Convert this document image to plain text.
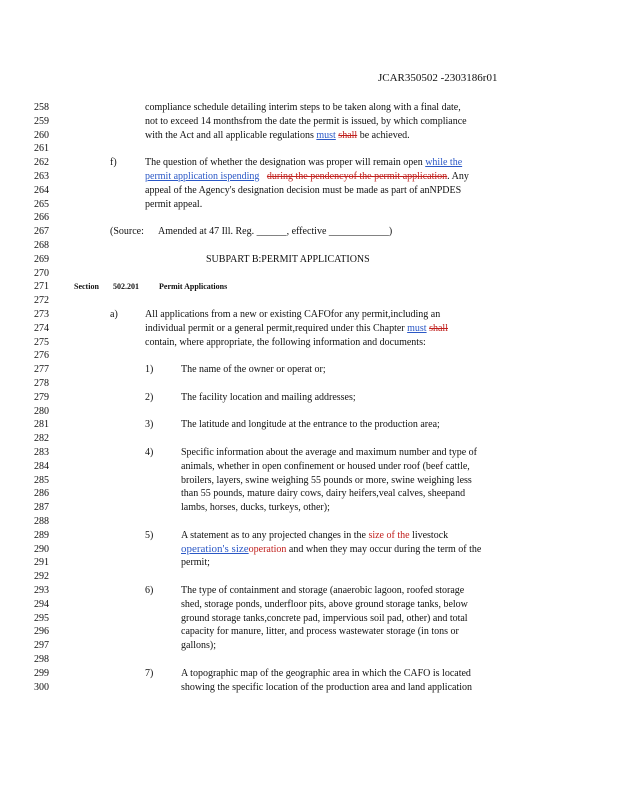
JCAR350502 -2303186r01
258	compliance schedule detailing interim steps to be taken along with a final date,
259	not to exceed 14 monthsfrom the date the permit is issued, by which compliance
260	with the Act and all applicable regulations must shall be achieved.
261
262	f)	The question of whether the designation was proper will remain open while the
263	permit application ispending during the pendencyof the permit application. Any
264	appeal of the Agency's designation decision must be made as part of anNPDES
265	permit appeal.
266
267	(Source: Amended at 47 Ill. Reg. ______, effective ____________)
268
269	SUBPART B:PERMIT APPLICATIONS
270
271	Section 502.201	Permit Applications
272
273	a)	All applications from a new or existing CAFOfor any permit,including an
274	individual permit or a general permit,required under this Chapter must shall
275	contain, where appropriate, the following information and documents:
276
277	1)	The name of the owner or operat or;
278
279	2)	The facility location and mailing addresses;
280
281	3)	The latitude and longitude at the entrance to the production area;
282
283	4)	Specific information about the average and maximum number and type of
284	animals, whether in open confinement or housed under roof (beef cattle,
285	broilers, layers, swine weighing 55 pounds or more, swine weighing less
286	than 55 pounds, mature dairy cows, dairy heifers,veal calves, sheepand
287	lambs, horses, ducks, turkeys, other);
288
289	5)	A statement as to any projected changes in the size of the livestock
290	operation's sizeoperation and when they may occur during the term of the
291	permit;
292
293	6)	The type of containment and storage (anaerobic lagoon, roofed storage
294	shed, storage ponds, underfloor pits, above ground storage tanks, below
295	ground storage tanks,concrete pad, impervious soil pad, other) and total
296	capacity for manure, litter, and process wastewater storage (in tons or
297	gallons);
298
299	7)	A topographic map of the geographic area in which the CAFO is located
300	showing the specific location of the production area and land application
